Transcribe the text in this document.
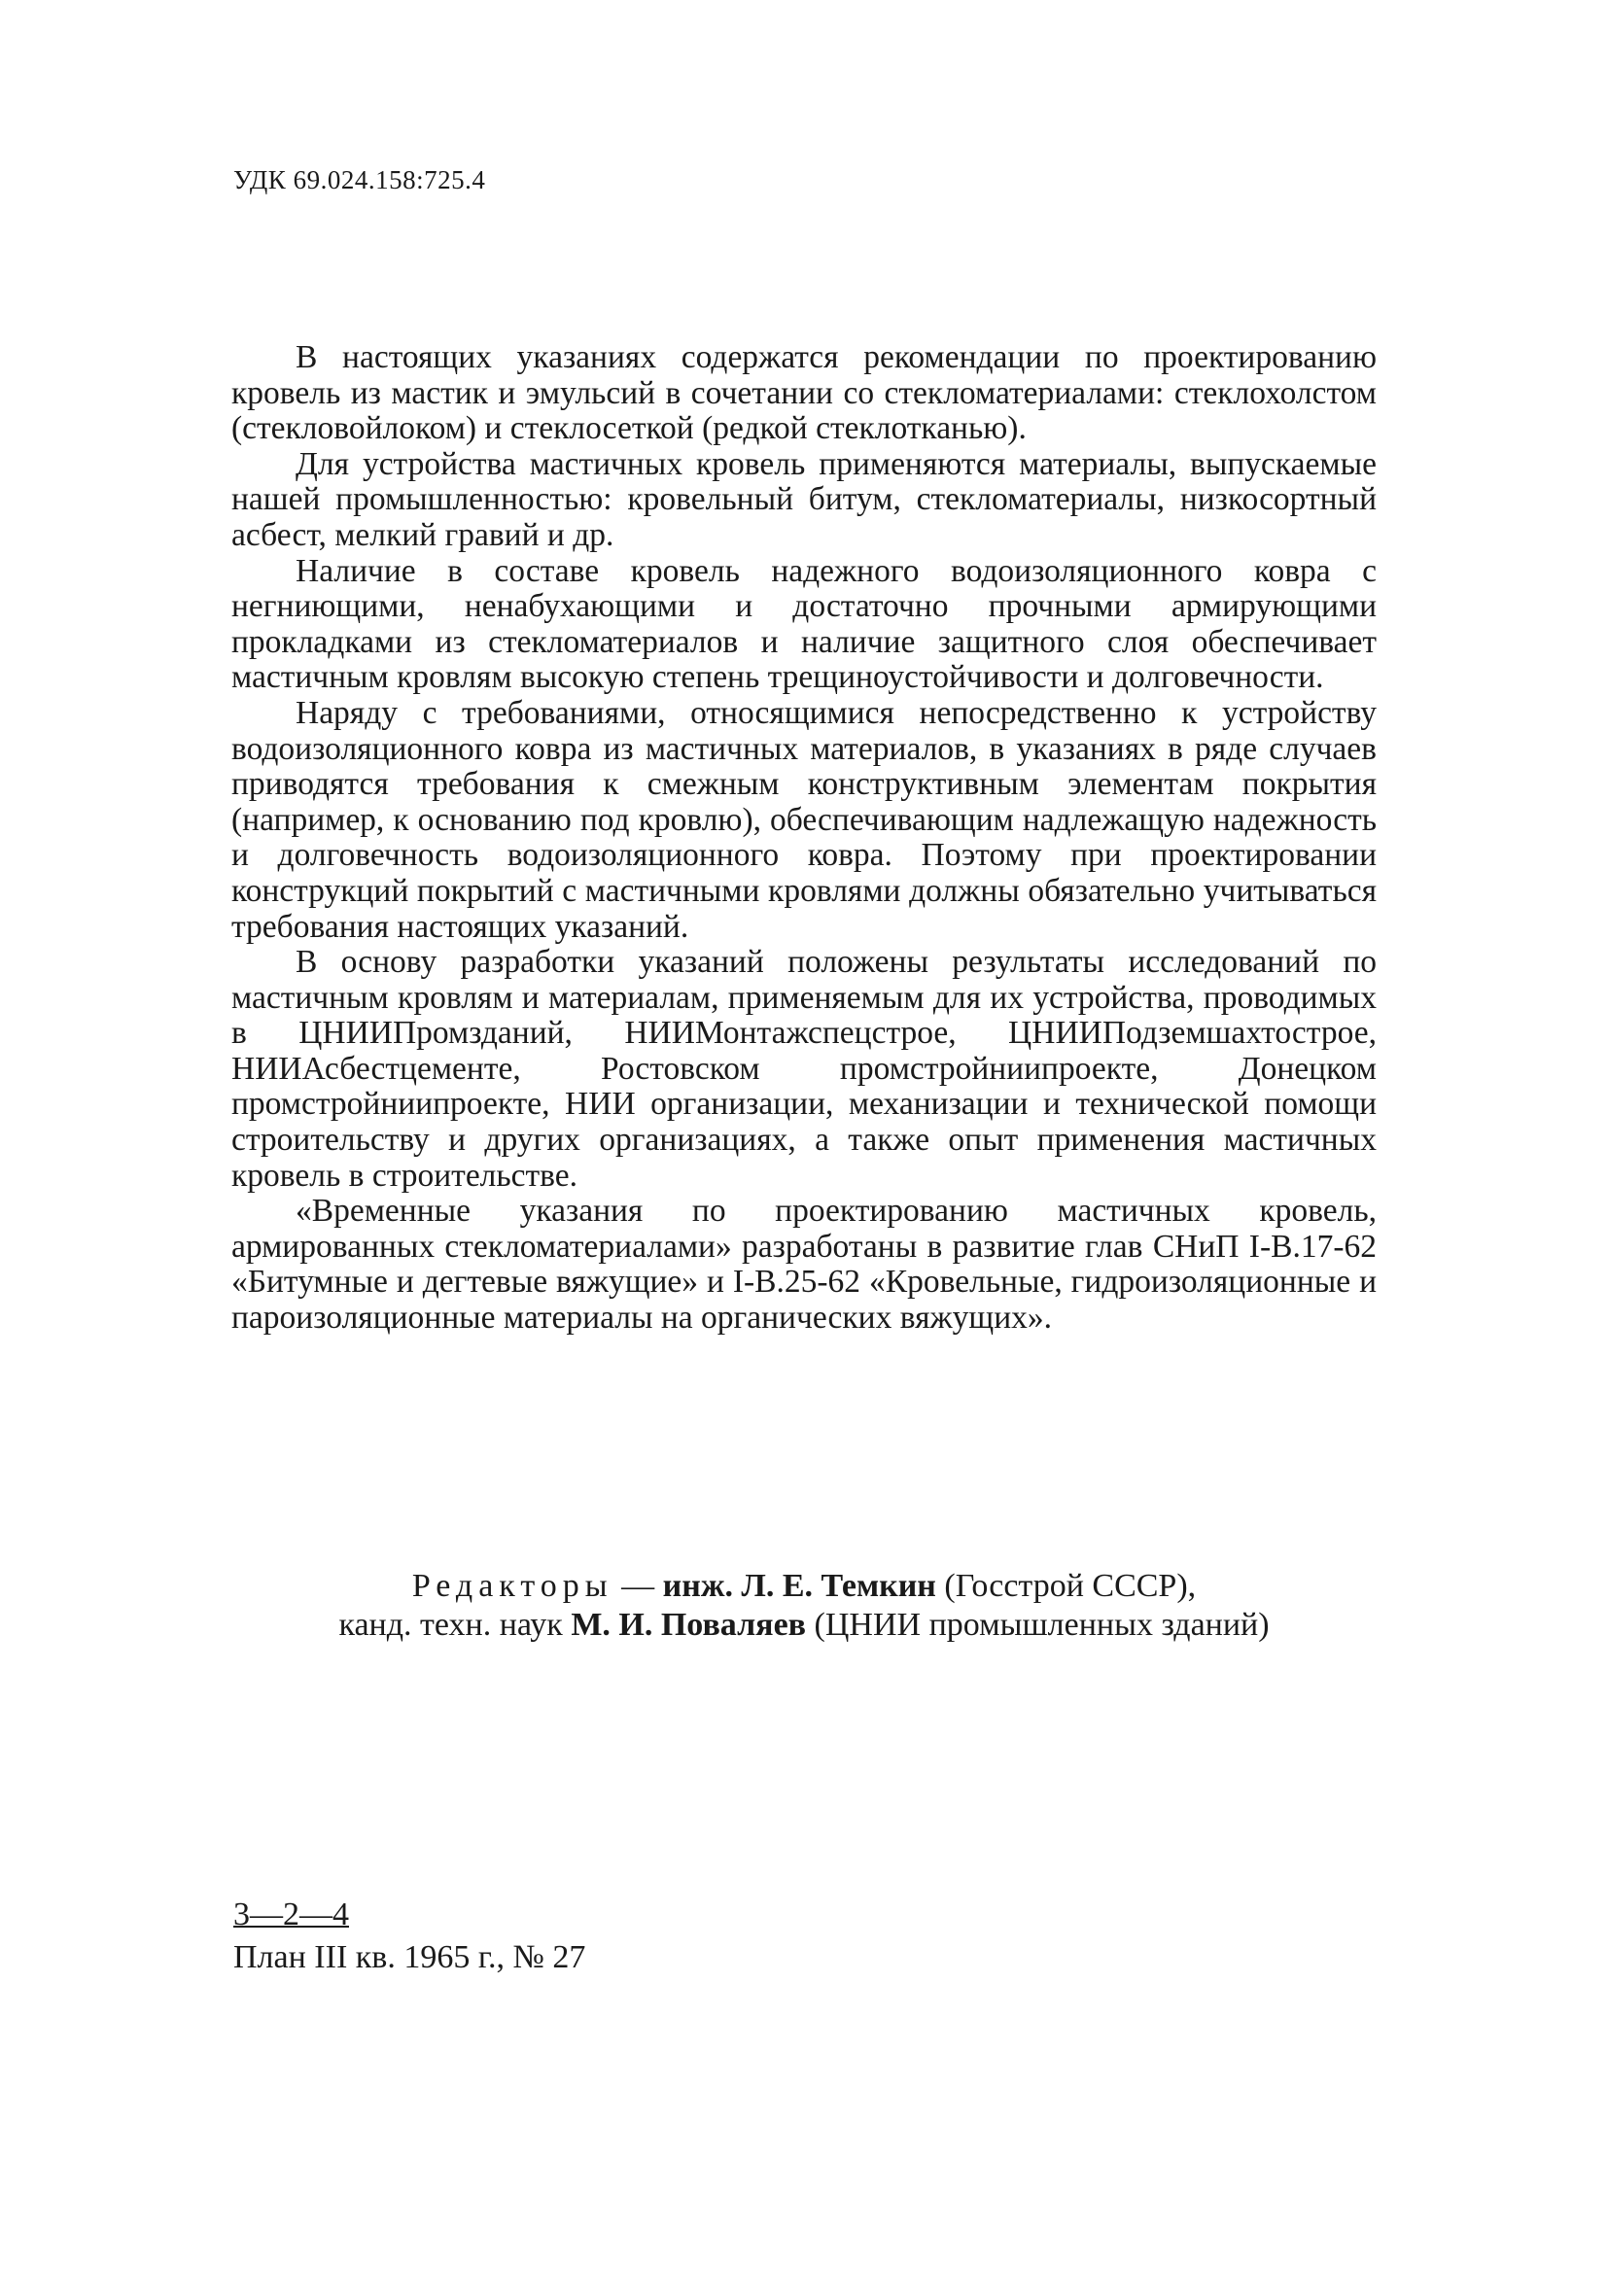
УДК 69.024.158:725.4

В настоящих указаниях содержатся рекомендации по проектированию кровель из мастик и эмульсий в сочетании со стекломатериалами: стеклохолстом (стекловойлоком) и стеклосеткой (редкой стеклотканью).

Для устройства мастичных кровель применяются материалы, выпускаемые нашей промышленностью: кровельный битум, стекломатериалы, низкосортный асбест, мелкий гравий и др.

Наличие в составе кровель надежного водоизоляционного ковра с негниющими, ненабухающими и достаточно прочными армирующими прокладками из стекломатериалов и наличие защитного слоя обеспечивает мастичным кровлям высокую степень трещиноустойчивости и долговечности.

Наряду с требованиями, относящимися непосредственно к устройству водоизоляционного ковра из мастичных материалов, в указаниях в ряде случаев приводятся требования к смежным конструктивным элементам покрытия (например, к основанию под кровлю), обеспечивающим надлежащую надежность и долговечность водоизоляционного ковра. Поэтому при проектировании конструкций покрытий с мастичными кровлями должны обязательно учитываться требования настоящих указаний.

В основу разработки указаний положены результаты исследований по мастичным кровлям и материалам, применяемым для их устройства, проводимых в ЦНИИПромзданий, НИИМонтажспецстрое, ЦНИИПодземшахтострое, НИИАсбестцементе, Ростовском промстройниипроекте, Донецком промстройниипроекте, НИИ организации, механизации и технической помощи строительству и других организациях, а также опыт применения мастичных кровель в строительстве.

«Временные указания по проектированию мастичных кровель, армированных стекломатериалами» разработаны в развитие глав СНиП I-В.17-62 «Битумные и дегтевые вяжущие» и I-В.25-62 «Кровельные, гидроизоляционные и пароизоляционные материалы на органических вяжущих».

Редакторы — инж. Л. Е. Темкин (Госстрой СССР),
канд. техн. наук М. И. Поваляев (ЦНИИ промышленных зданий)
3—2—4
План III кв. 1965 г., № 27
